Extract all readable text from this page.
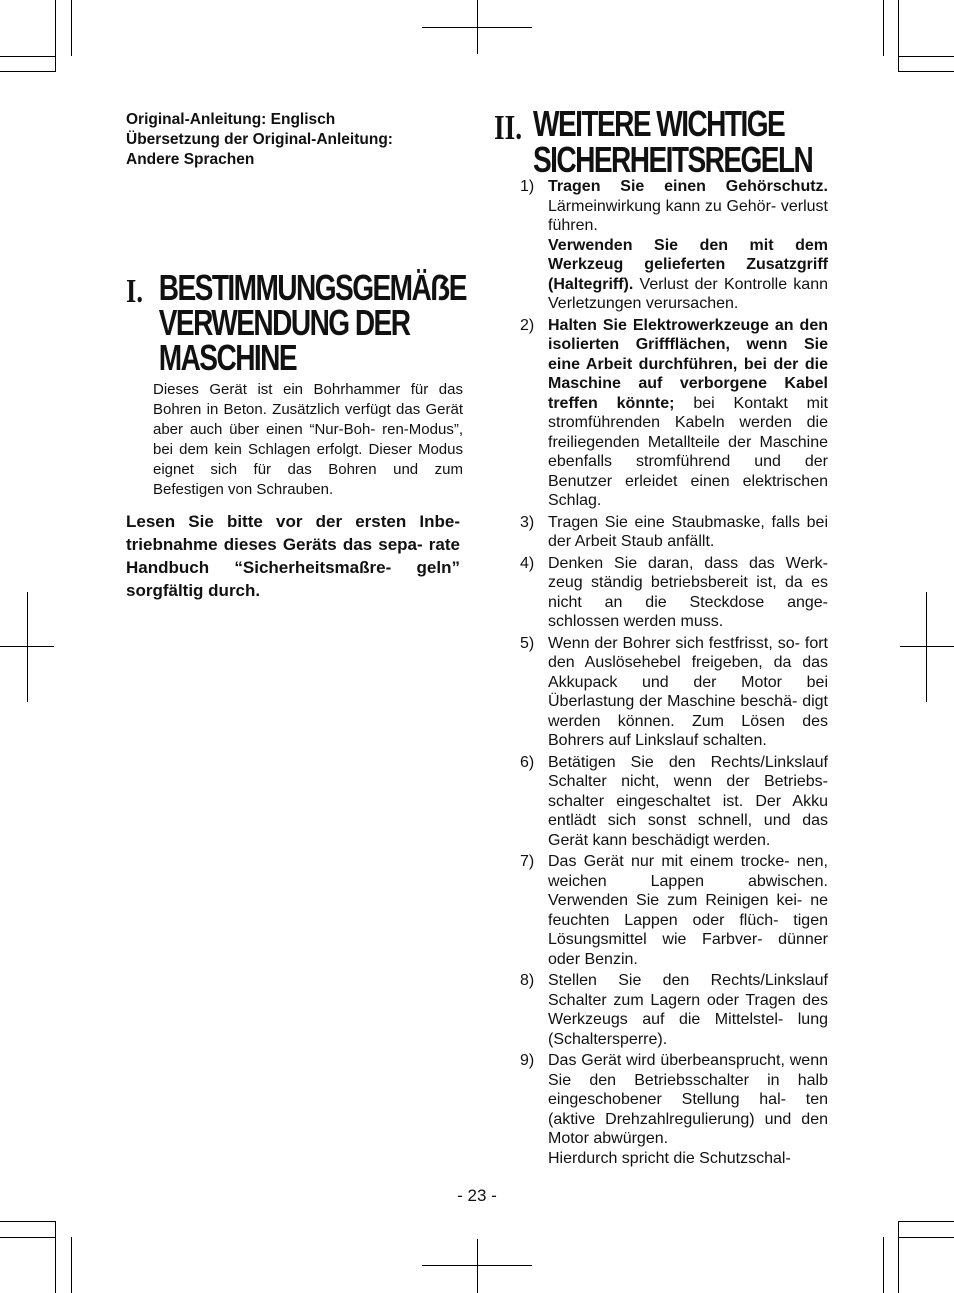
Original-Anleitung: Englisch
Übersetzung der Original-Anleitung:
Andere Sprachen
I. BESTIMMUNGSGEMÄẞE
VERWENDUNG DER
MASCHINE
Dieses Gerät ist ein Bohrhammer für das Bohren in Beton. Zusätzlich verfügt das Gerät aber auch über einen “Nur-Boh- ren-Modus”, bei dem kein Schlagen erfolgt. Dieser Modus eignet sich für das Bohren und zum Befestigen von Schrauben.
Lesen Sie bitte vor der ersten Inbe- triebnahme dieses Geräts das sepa- rate Handbuch “Sicherheitsmaßre- geln” sorgfältig durch.
II. WEITERE WICHTIGE
SICHERHEITSREGELN
1) Tragen Sie einen Gehörschutz. Lärmeinwirkung kann zu Gehör- verlust führen.

Verwenden Sie den mit dem Werkzeug gelieferten Zusatzgriff (Haltegriff). Verlust der Kontrolle kann Verletzungen verursachen.

2) Halten Sie Elektrowerkzeuge an den isolierten Griffflächen, wenn Sie eine Arbeit durchführen, bei der die Maschine auf verborgene Kabel treffen könnte; bei Kontakt mit stromführenden Kabeln werden die freiliegenden Metallteile der Maschine ebenfalls stromführend und der Benutzer erleidet einen elektrischen Schlag.

3) Tragen Sie eine Staubmaske, falls bei der Arbeit Staub anfällt.

4) Denken Sie daran, dass das Werk- zeug ständig betriebsbereit ist, da es nicht an die Steckdose ange- schlossen werden muss.

5) Wenn der Bohrer sich festfrisst, so- fort den Auslösehebel freigeben, da das Akkupack und der Motor bei Überlastung der Maschine beschä- digt werden können. Zum Lösen des Bohrers auf Linkslauf schalten.

6) Betätigen Sie den Rechts/Linkslauf Schalter nicht, wenn der Betriebs- schalter eingeschaltet ist. Der Akku entlädt sich sonst schnell, und das Gerät kann beschädigt werden.

7) Das Gerät nur mit einem trocke- nen, weichen Lappen abwischen. Verwenden Sie zum Reinigen kei- ne feuchten Lappen oder flüch- tigen Lösungsmittel wie Farbver- dünner oder Benzin.

8) Stellen Sie den Rechts/Linkslauf Schalter zum Lagern oder Tragen des Werkzeugs auf die Mittelstel- lung (Schaltersperre).

9) Das Gerät wird überbeansprucht, wenn Sie den Betriebsschalter in halb eingeschobener Stellung hal- ten (aktive Drehzahlregulierung) und den Motor abwürgen.

Hierdurch spricht die Schutzschal-

- 23 -
